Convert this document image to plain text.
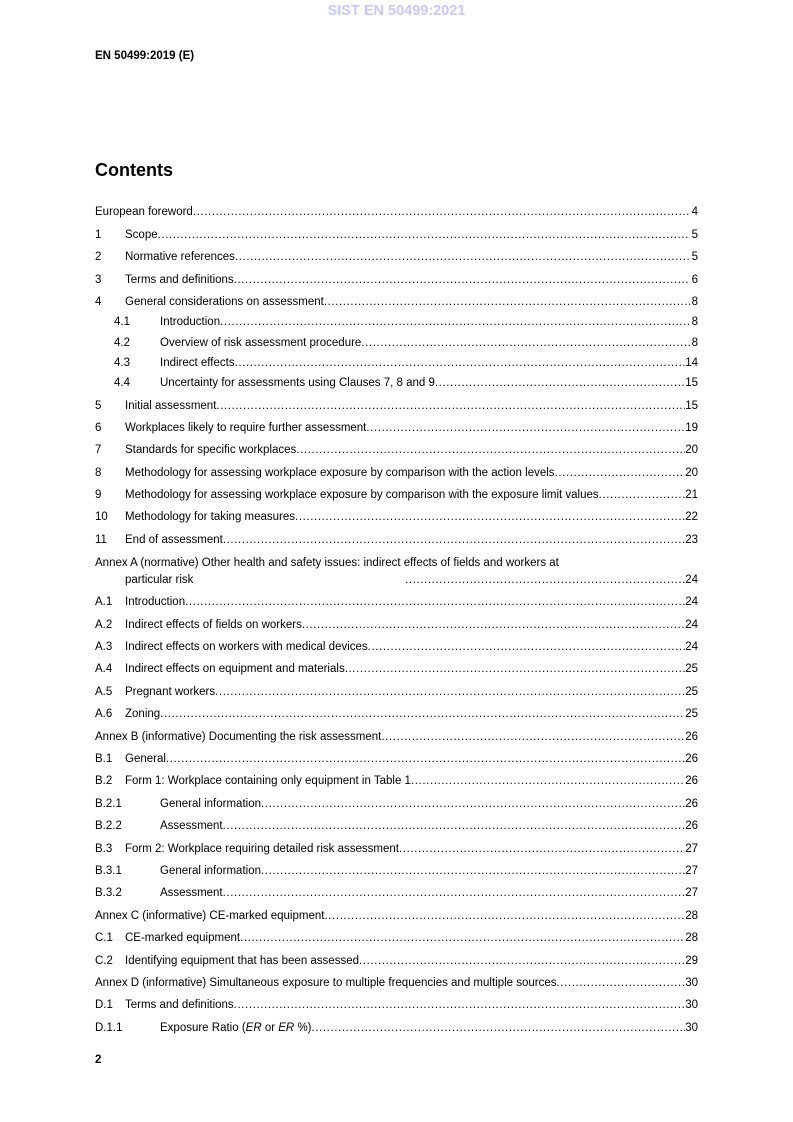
SIST EN 50499:2021
EN 50499:2019 (E)
Contents
European foreword .....	4
1	Scope .....	5
2	Normative references .....	5
3	Terms and definitions .....	6
4	General considerations on assessment .....	8
4.1	Introduction .....	8
4.2	Overview of risk assessment procedure .....	8
4.3	Indirect effects .....	14
4.4	Uncertainty for assessments using Clauses 7, 8 and 9 .....	15
5	Initial assessment .....	15
6	Workplaces likely to require further assessment .....	19
7	Standards for specific workplaces .....	20
8	Methodology for assessing workplace exposure by comparison with the action levels .....	20
9	Methodology for assessing workplace exposure by comparison with the exposure limit values .....	21
10	Methodology for taking measures .....	22
11	End of assessment .....	23
Annex A (normative) Other health and safety issues: indirect effects of fields and workers at
particular risk .....	24
A.1	Introduction .....	24
A.2	Indirect effects of fields on workers .....	24
A.3	Indirect effects on workers with medical devices .....	24
A.4	Indirect effects on equipment and materials .....	25
A.5	Pregnant workers .....	25
A.6	Zoning .....	25
Annex B (informative) Documenting the risk assessment .....	26
B.1	General .....	26
B.2	Form 1: Workplace containing only equipment in Table 1 .....	26
B.2.1	General information .....	26
B.2.2	Assessment .....	26
B.3	Form 2: Workplace requiring detailed risk assessment .....	27
B.3.1	General information .....	27
B.3.2	Assessment .....	27
Annex C (informative) CE-marked equipment .....	28
C.1	CE-marked equipment .....	28
C.2	Identifying equipment that has been assessed .....	29
Annex D (informative) Simultaneous exposure to multiple frequencies and multiple sources .....	30
D.1	Terms and definitions .....	30
D.1.1	Exposure Ratio (ER or ER %) .....	30
2
